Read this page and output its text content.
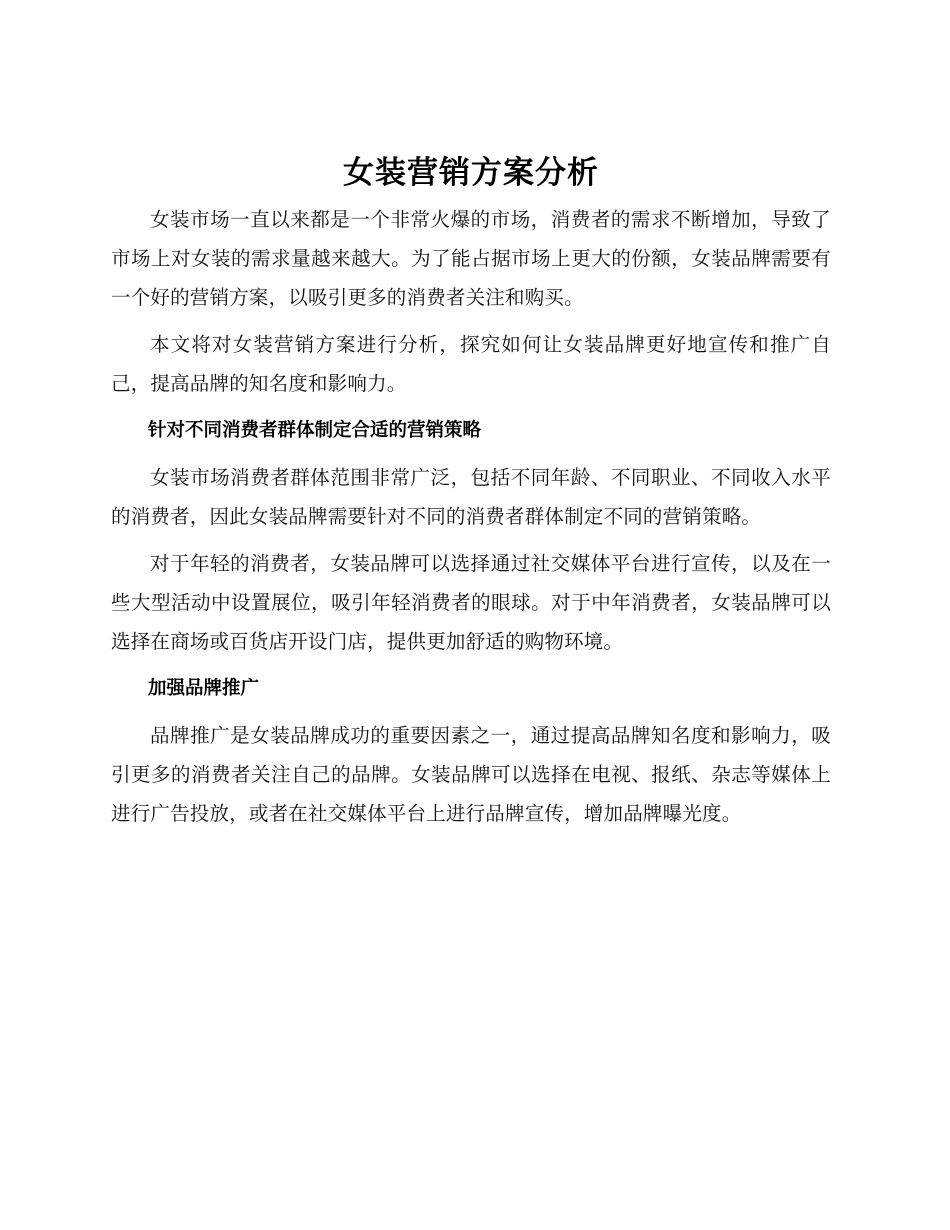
女装营销方案分析

女装市场一直以来都是一个非常火爆的市场，消费者的需求不断增加，导致了市场上对女装的需求量越来越大。为了能占据市场上更大的份额，女装品牌需要有一个好的营销方案，以吸引更多的消费者关注和购买。

本文将对女装营销方案进行分析，探究如何让女装品牌更好地宣传和推广自己，提高品牌的知名度和影响力。

针对不同消费者群体制定合适的营销策略

女装市场消费者群体范围非常广泛，包括不同年龄、不同职业、不同收入水平的消费者，因此女装品牌需要针对不同的消费者群体制定不同的营销策略。

对于年轻的消费者，女装品牌可以选择通过社交媒体平台进行宣传，以及在一些大型活动中设置展位，吸引年轻消费者的眼球。对于中年消费者，女装品牌可以选择在商场或百货店开设门店，提供更加舒适的购物环境。

加强品牌推广

品牌推广是女装品牌成功的重要因素之一，通过提高品牌知名度和影响力，吸引更多的消费者关注自己的品牌。女装品牌可以选择在电视、报纸、杂志等媒体上进行广告投放，或者在社交媒体平台上进行品牌宣传，增加品牌曝光度。
